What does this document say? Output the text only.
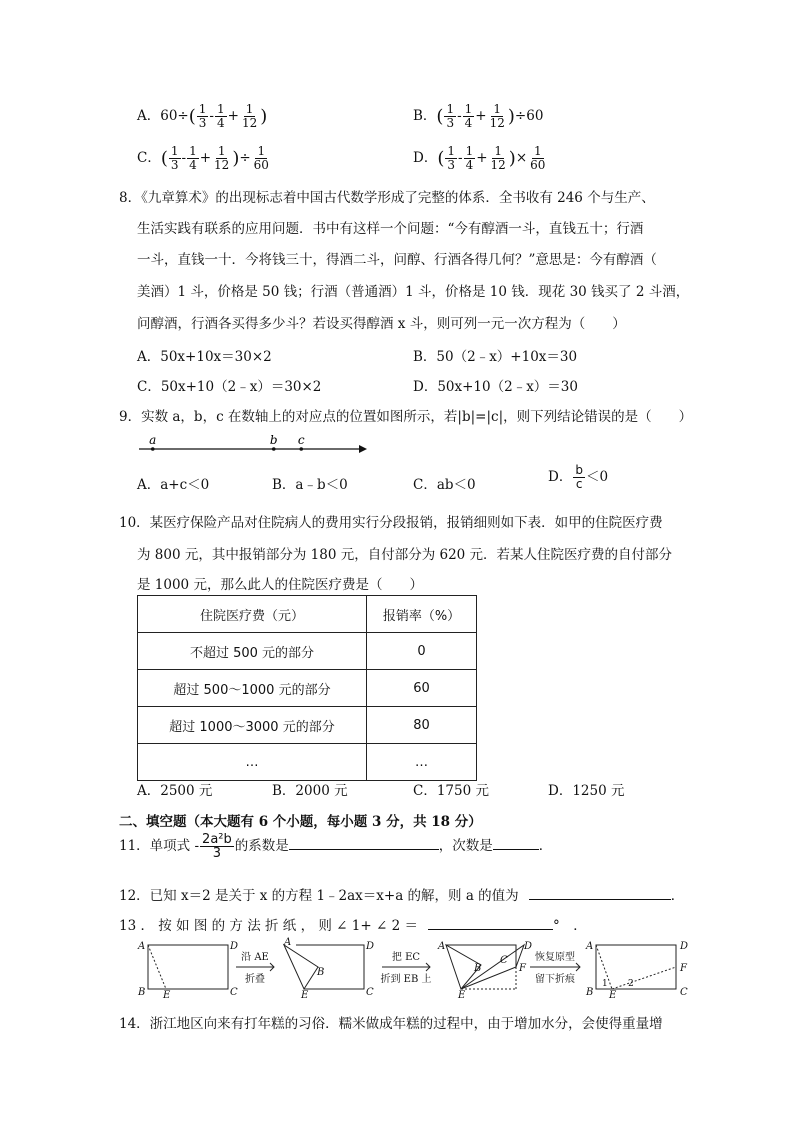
A．$60\div( \frac{1}{3} - \frac{1}{4} + \frac{1}{12}$ )	B．( $\frac{1}{3} - \frac{1}{4} + \frac{1}{12} )\div 60$
C．( $\frac{1}{3} - \frac{1}{4} + \frac{1}{12}$ )÷ $\frac{1}{60}$	D．( $\frac{1}{3} - \frac{1}{4} + \frac{1}{12}$ )× $\frac{1}{60}$
8．《九章算术》的出现标志着中国古代数学形成了完整的体系．全书收有 246 个与生产、
生活实践有联系的应用问题．书中有这样一个问题：“今有醇酒一斗，直钱五十；行酒
一斗，直钱一十．今将钱三十，得酒二斗，问醇、行酒各得几何？”意思是：今有醇酒（
美酒）1 斗，价格是 50 钱；行酒（普通酒）1 斗，价格是 10 钱．现花 30 钱买了 2 斗酒，
问醇酒，行酒各买得多少斗？若设买得醇酒 x 斗，则可列一元一次方程为（　　）
A．50x+10x＝30×2	B．50（2﹣x）+10x＝30
C．50x+10（2﹣x）＝30×2	D．50x+10（2﹣x）＝30
9．实数 a，b，c 在数轴上的对应点的位置如图所示，若|b|=|c|，则下列结论错误的是（　　）
a	b c
A．a+c＜0	B．a﹣b＜0	C．ab＜0	D． $\frac{b}{c} <0$
10．某医疗保险产品对住院病人的费用实行分段报销，报销细则如下表．如甲的住院医疗费
为 800 元，其中报销部分为 180 元，自付部分为 620 元．若某人住院医疗费的自付部分
是 1000 元，那么此人的住院医疗费是（　　）
住院医疗费（元）	报销率（%）
不超过 500 元的部分	0
超过 500～1000 元的部分	60
超过 1000～3000 元的部分	80
…	…
A．2500 元	B．2000 元	C．1750 元	D．1250 元
二、填空题（本大题有 6 个小题，每小题 3 分，共 18 分）
11．单项式 - $\frac{\text{2a²b}}{3}$ 的系数是	，次数是	．
12．已知 x＝2 是关于 x 的方程 1﹣2ax＝x+a 的解，则 a 的值为	．
13 ． 按 如 图 的 方 法 折 纸 ， 则 ∠ 1+ ∠ 2 ＝	°　．
A
B	C
D
E
A
B
E	C
D	A
B
C
D
F
E
A
B
D
F
C
E
1 2
沿 AE
折叠
把 EC
折到 EB 上
恢复原型
留下折痕
14．浙江地区向来有打年糕的习俗．糯米做成年糕的过程中，由于增加水分，会使得重量增
